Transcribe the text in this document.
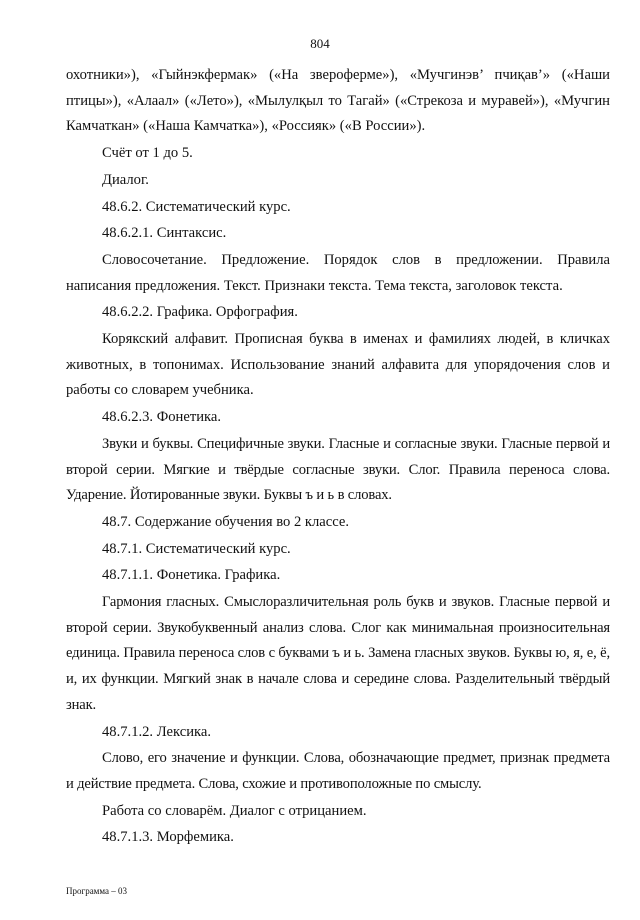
804

охотники»), «Гыйнэкфермак» («На звероферме»), «Мучгинэв’ пчиқав’» («Наши птицы»), «Алаал» («Лето»), «Мылулқыл то Тагай» («Стрекоза и муравей»), «Мучгин Камчаткан» («Наша Камчатка»), «Россияк» («В России»).

Счёт от 1 до 5.

Диалог.

48.6.2. Систематический курс.

48.6.2.1. Синтаксис.

Словосочетание. Предложение. Порядок слов в предложении. Правила написания предложения. Текст. Признаки текста. Тема текста, заголовок текста.

48.6.2.2. Графика. Орфография.

Корякский алфавит. Прописная буква в именах и фамилиях людей, в кличках животных, в топонимах. Использование знаний алфавита для упорядочения слов и работы со словарем учебника.

48.6.2.3. Фонетика.

Звуки и буквы. Специфичные звуки. Гласные и согласные звуки. Гласные первой и второй серии. Мягкие и твёрдые согласные звуки. Слог. Правила переноса слова. Ударение. Йотированные звуки. Буквы ъ и ь в словах.

48.7. Содержание обучения во 2 классе.

48.7.1. Систематический курс.

48.7.1.1. Фонетика. Графика.

Гармония гласных. Смыслоразличительная роль букв и звуков. Гласные первой и второй серии. Звукобуквенный анализ слова. Слог как минимальная произносительная единица. Правила переноса слов с буквами ъ и ь. Замена гласных звуков. Буквы ю, я, е, ё, и, их функции. Мягкий знак в начале слова и середине слова. Разделительный твёрдый знак.

48.7.1.2. Лексика.

Слово, его значение и функции. Слова, обозначающие предмет, признак предмета и действие предмета. Слова, схожие и противоположные по смыслу.

Работа со словарём. Диалог с отрицанием.

48.7.1.3. Морфемика.

Программа – 03
